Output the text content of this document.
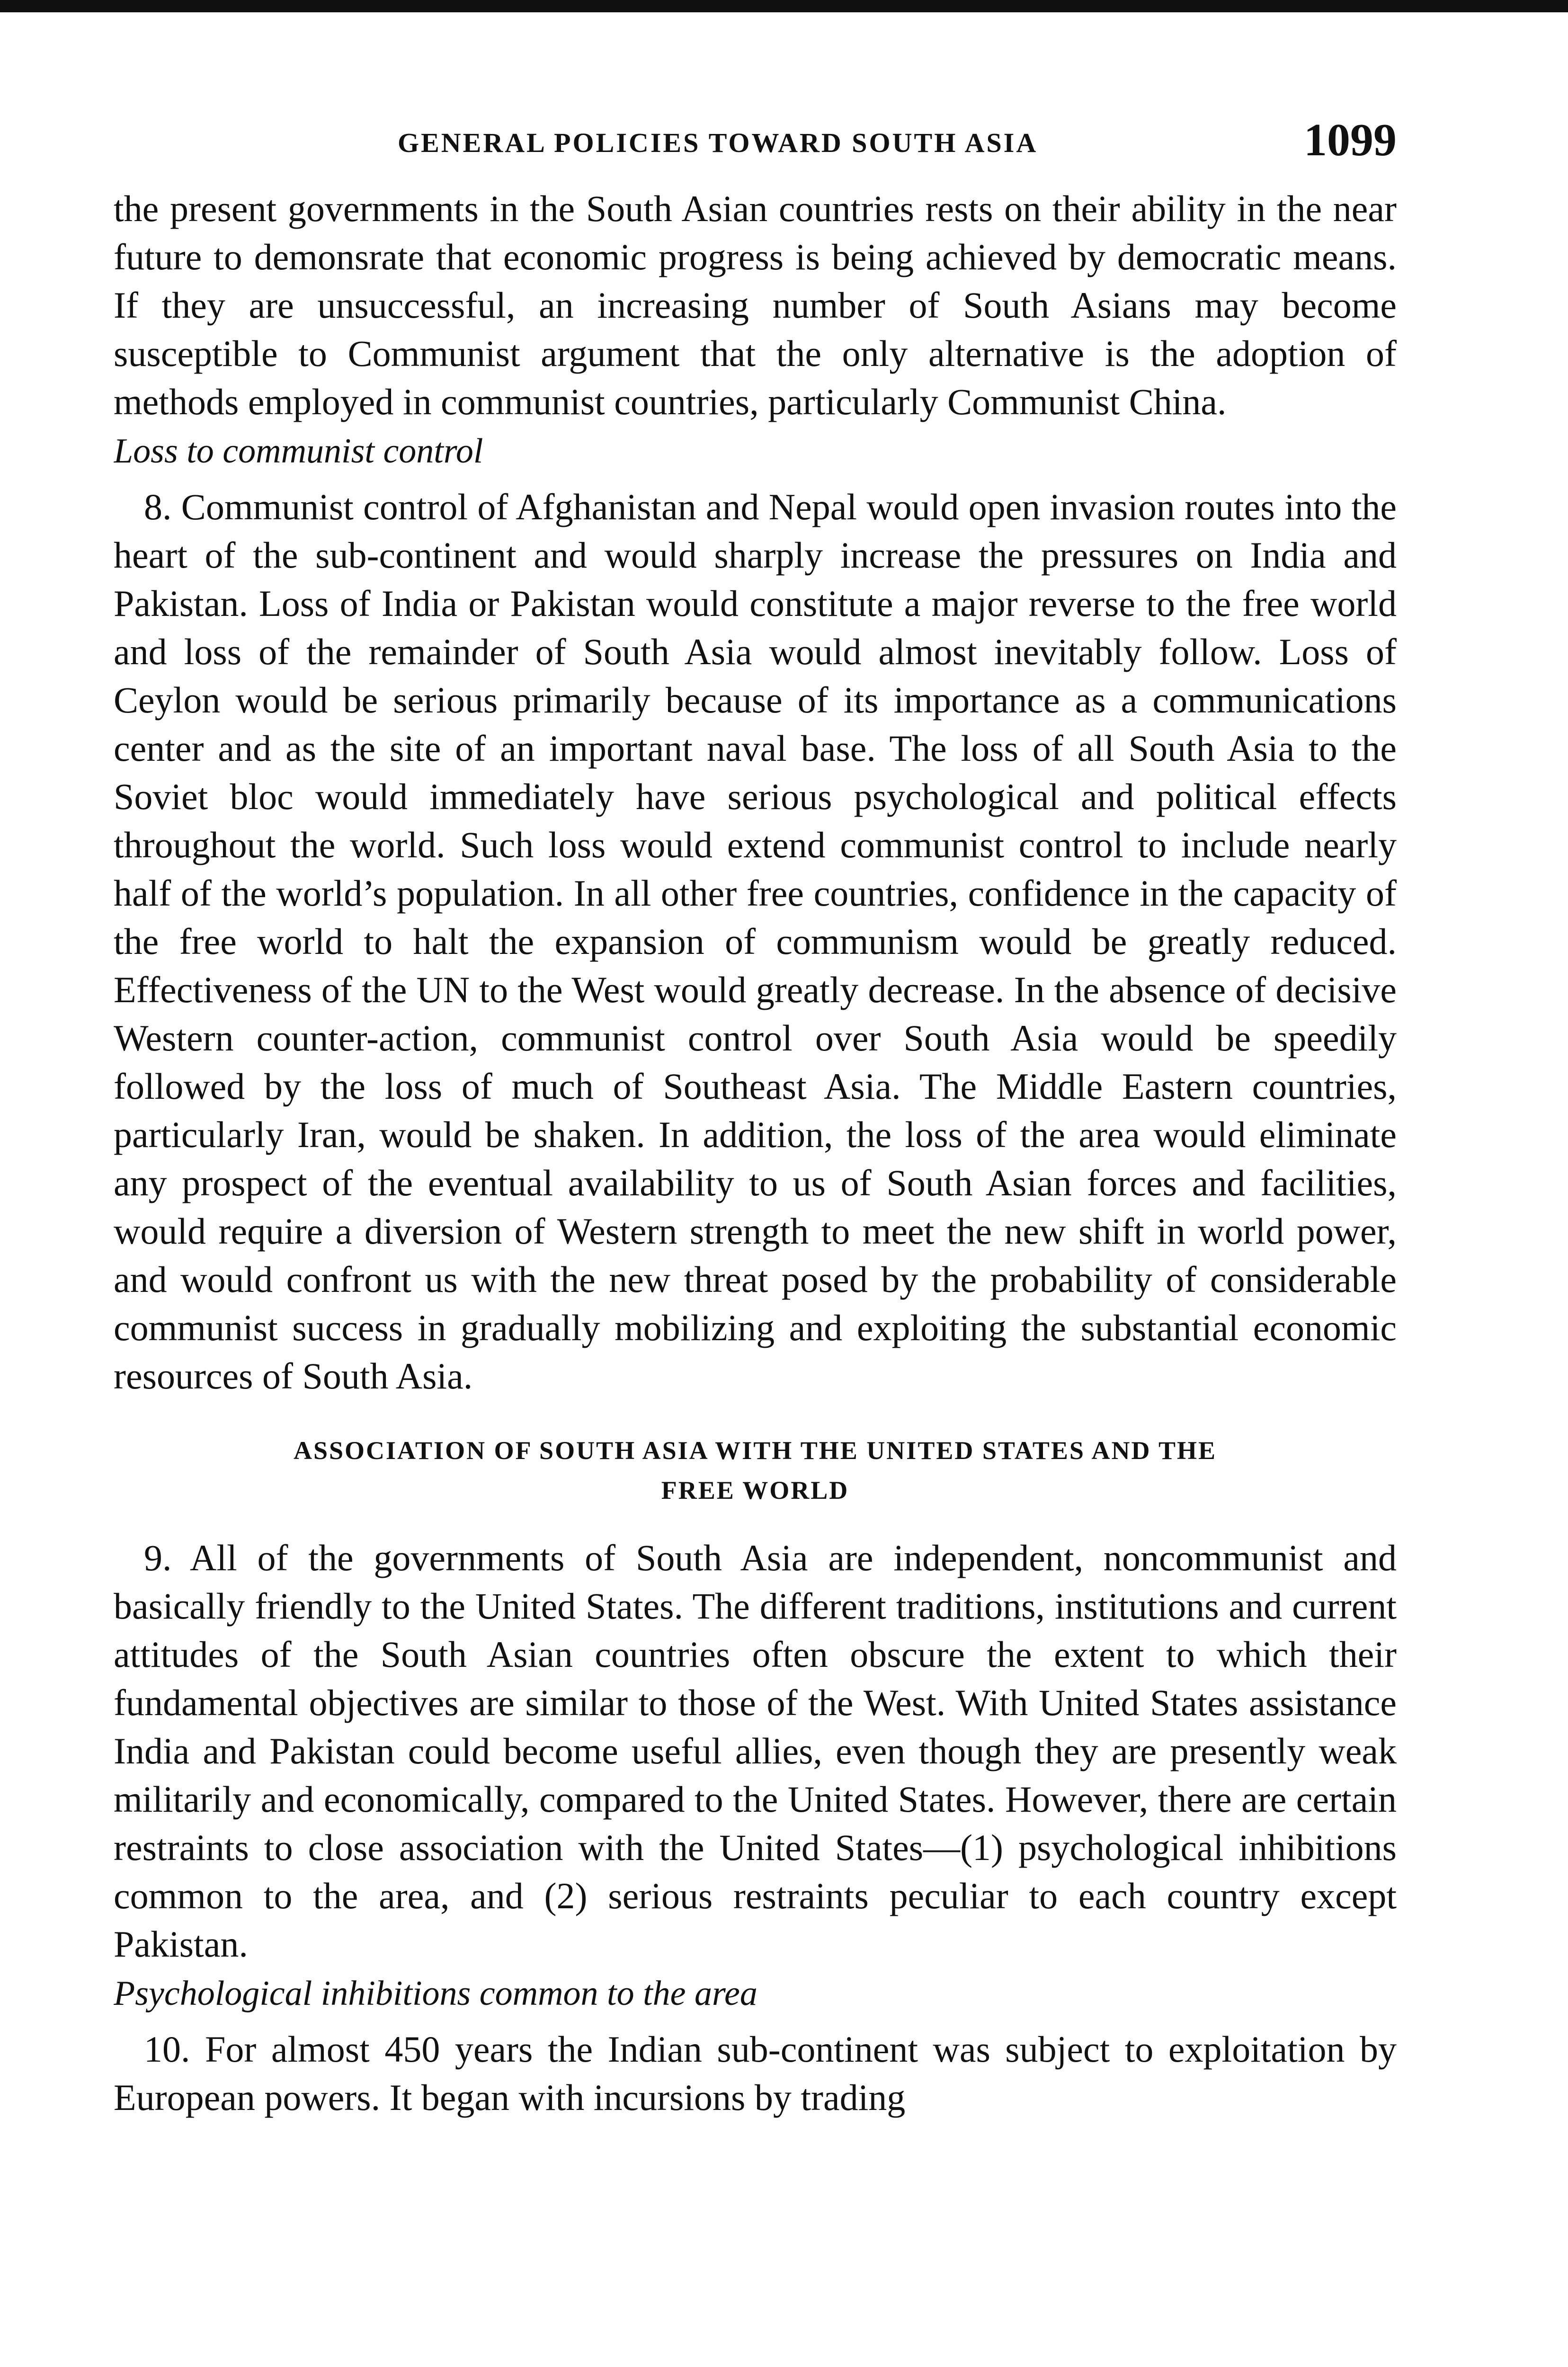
GENERAL POLICIES TOWARD SOUTH ASIA	1099

the present governments in the South Asian countries rests on their ability in the near future to demonsrate that economic progress is being achieved by democratic means. If they are unsuccessful, an increasing number of South Asians may become susceptible to Communist argument that the only alternative is the adoption of methods employed in communist countries, particularly Communist China.

Loss to communist control

8. Communist control of Afghanistan and Nepal would open invasion routes into the heart of the sub-continent and would sharply increase the pressures on India and Pakistan. Loss of India or Pakistan would constitute a major reverse to the free world and loss of the remainder of South Asia would almost inevitably follow. Loss of Ceylon would be serious primarily because of its importance as a communications center and as the site of an important naval base. The loss of all South Asia to the Soviet bloc would immediately have serious psychological and political effects throughout the world. Such loss would extend communist control to include nearly half of the world’s population. In all other free countries, confidence in the capacity of the free world to halt the expansion of communism would be greatly reduced. Effectiveness of the UN to the West would greatly decrease. In the absence of decisive Western counter-action, communist control over South Asia would be speedily followed by the loss of much of Southeast Asia. The Middle Eastern countries, particularly Iran, would be shaken. In addition, the loss of the area would eliminate any prospect of the eventual availability to us of South Asian forces and facilities, would require a diversion of Western strength to meet the new shift in world power, and would confront us with the new threat posed by the probability of considerable communist success in gradually mobilizing and exploiting the substantial economic resources of South Asia.

ASSOCIATION OF SOUTH ASIA WITH THE UNITED STATES AND THE
FREE WORLD

9. All of the governments of South Asia are independent, noncommunist and basically friendly to the United States. The different traditions, institutions and current attitudes of the South Asian countries often obscure the extent to which their fundamental objectives are similar to those of the West. With United States assistance India and Pakistan could become useful allies, even though they are presently weak militarily and economically, compared to the United States. However, there are certain restraints to close association with the United States—(1) psychological inhibitions common to the area, and (2) serious restraints peculiar to each country except Pakistan.

Psychological inhibitions common to the area

10. For almost 450 years the Indian sub-continent was subject to exploitation by European powers. It began with incursions by trading
